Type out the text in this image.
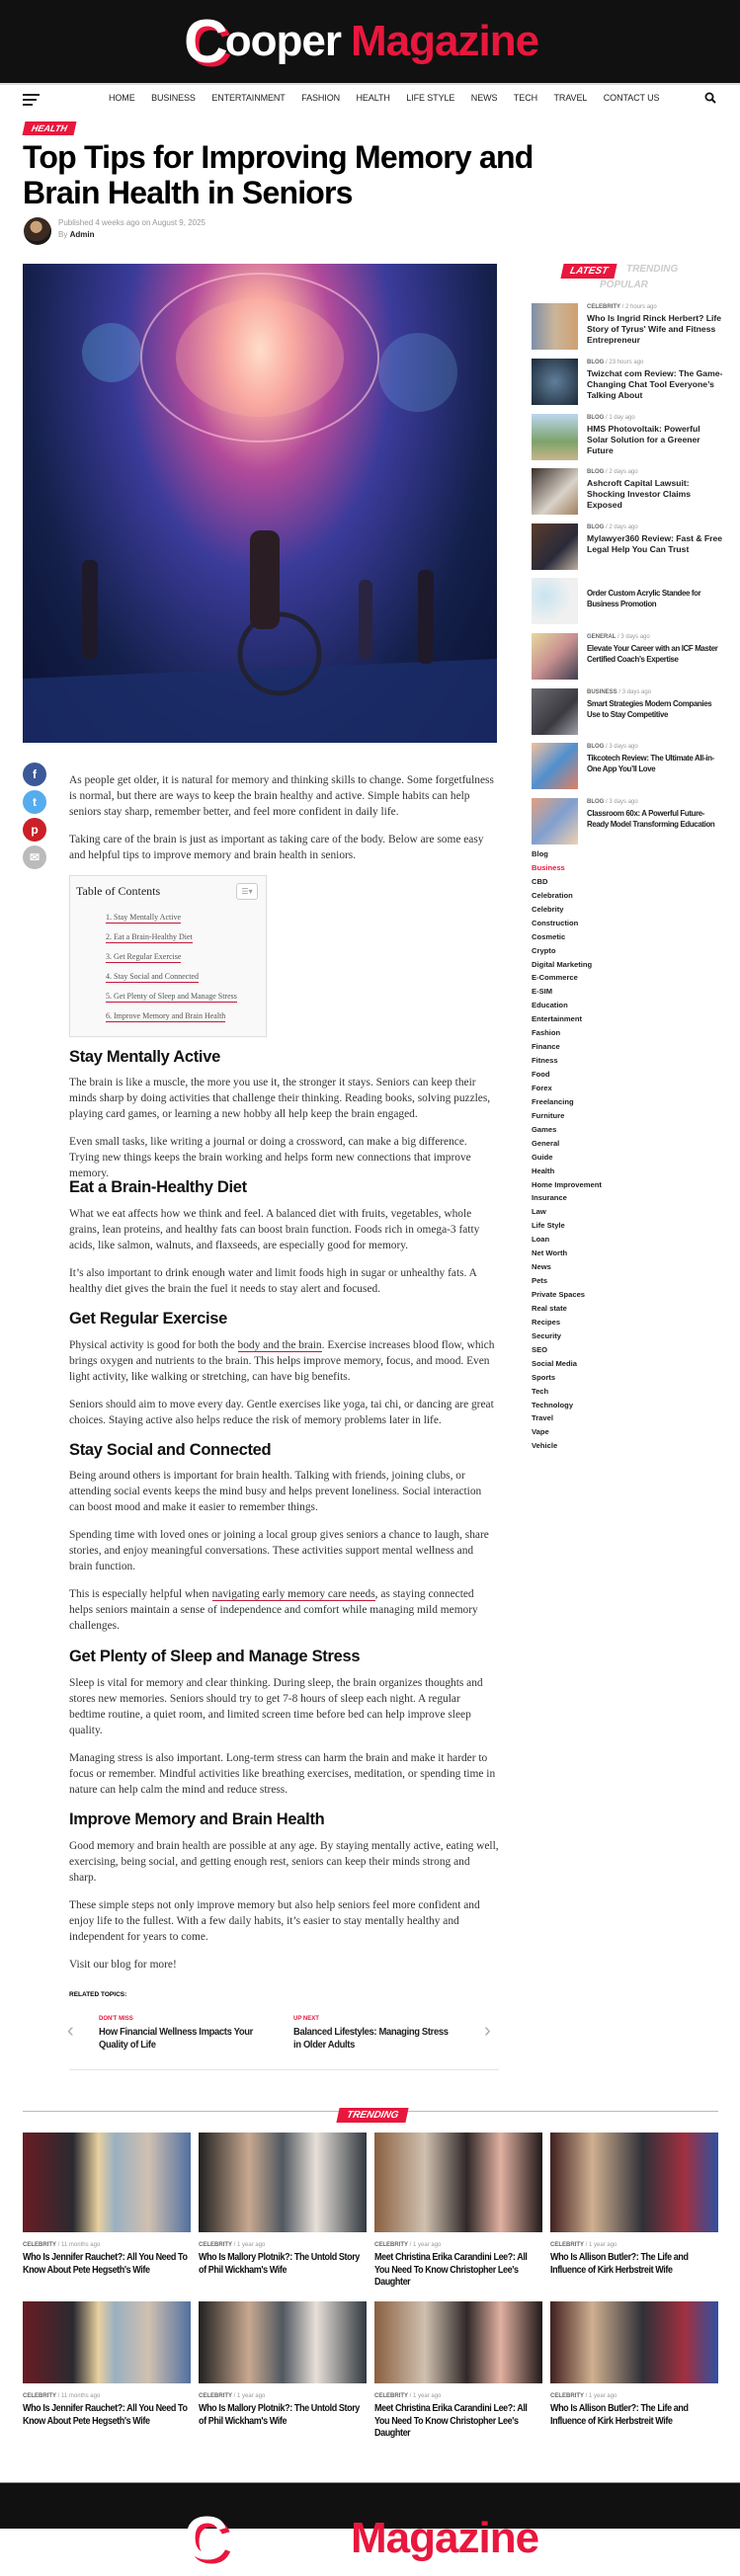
C
ooper Magazine
HOME BUSINESS ENTERTAINMENT FASHION HEALTH LIFE STYLE NEWS TECH TRAVEL CONTACT US
HEALTH
Top Tips for Improving Memory and Brain Health in Seniors
Published 4 weeks ago on August 9, 2025
By Admin
f
t
p
✉

As people get older, it is natural for memory and thinking skills to change. Some forgetfulness is normal, but there are ways to keep the brain healthy and active. Simple habits can help seniors stay sharp, remember better, and feel more confident in daily life.

Taking care of the brain is just as important as taking care of the body. Below are some easy and helpful tips to improve memory and brain health in seniors.

Table of Contents	☰▾
1. Stay Mentally Active
2. Eat a Brain-Healthy Diet
3. Get Regular Exercise
4. Stay Social and Connected
5. Get Plenty of Sleep and Manage Stress
6. Improve Memory and Brain Health
Stay Mentally Active

The brain is like a muscle, the more you use it, the stronger it stays. Seniors can keep their minds sharp by doing activities that challenge their thinking. Reading books, solving puzzles, playing card games, or learning a new hobby all help keep the brain engaged.

Even small tasks, like writing a journal or doing a crossword, can make a big difference. Trying new things keeps the brain working and helps form new connections that improve memory.

Eat a Brain-Healthy Diet

What we eat affects how we think and feel. A balanced diet with fruits, vegetables, whole grains, lean proteins, and healthy fats can boost brain function. Foods rich in omega-3 fatty acids, like salmon, walnuts, and flaxseeds, are especially good for memory.

It’s also important to drink enough water and limit foods high in sugar or unhealthy fats. A healthy diet gives the brain the fuel it needs to stay alert and focused.

Get Regular Exercise

Physical activity is good for both the body and the brain. Exercise increases blood flow, which brings oxygen and nutrients to the brain. This helps improve memory, focus, and mood. Even light activity, like walking or stretching, can have big benefits.

Seniors should aim to move every day. Gentle exercises like yoga, tai chi, or dancing are great choices. Staying active also helps reduce the risk of memory problems later in life.

Stay Social and Connected

Being around others is important for brain health. Talking with friends, joining clubs, or attending social events keeps the mind busy and helps prevent loneliness. Social interaction can boost mood and make it easier to remember things.

Spending time with loved ones or joining a local group gives seniors a chance to laugh, share stories, and enjoy meaningful conversations. These activities support mental wellness and brain function.

This is especially helpful when navigating early memory care needs, as staying connected helps seniors maintain a sense of independence and comfort while managing mild memory challenges.

Get Plenty of Sleep and Manage Stress

Sleep is vital for memory and clear thinking. During sleep, the brain organizes thoughts and stores new memories. Seniors should try to get 7-8 hours of sleep each night. A regular bedtime routine, a quiet room, and limited screen time before bed can help improve sleep quality.

Managing stress is also important. Long-term stress can harm the brain and make it harder to focus or remember. Mindful activities like breathing exercises, meditation, or spending time in nature can help calm the mind and reduce stress.

Improve Memory and Brain Health

Good memory and brain health are possible at any age. By staying mentally active, eating well, exercising, being social, and getting enough rest, seniors can keep their minds strong and sharp.

These simple steps not only improve memory but also help seniors feel more confident and enjoy life to the fullest. With a few daily habits, it’s easier to stay mentally healthy and independent for years to come.

Visit our blog for more!

RELATED TOPICS:
‹
DON'T MISS
How Financial Wellness Impacts Your Quality of Life
UP NEXT
Balanced Lifestyles: Managing Stress in Older Adults
›
LATEST	TRENDING
POPULAR
CELEBRITY / 2 hours ago
Who Is Ingrid Rinck Herbert? Life Story of Tyrus' Wife and Fitness Entrepreneur
BLOG / 23 hours ago
Twizchat com Review: The Game-Changing Chat Tool Everyone’s Talking About
BLOG / 1 day ago
HMS Photovoltaik: Powerful Solar Solution for a Greener Future
BLOG / 2 days ago
Ashcroft Capital Lawsuit: Shocking Investor Claims Exposed
BLOG / 2 days ago
Mylawyer360 Review: Fast & Free Legal Help You Can Trust
Order Custom Acrylic Standee for Business Promotion
GENERAL / 3 days ago
Elevate Your Career with an ICF Master Certified Coach’s Expertise
BUSINESS / 3 days ago
Smart Strategies Modern Companies Use to Stay Competitive
BLOG / 3 days ago
Tikcotech Review: The Ultimate All-in-One App You’ll Love
BLOG / 3 days ago
Classroom 60x: A Powerful Future-Ready Model Transforming Education
Blog
Business
CBD
Celebration
Celebrity
Construction
Cosmetic
Crypto
Digital Marketing
E-Commerce
E-SIM
Education
Entertainment
Fashion
Finance
Fitness
Food
Forex
Freelancing
Furniture
Games
General
Guide
Health
Home Improvement
Insurance
Law
Life Style
Loan
Net Worth
News
Pets
Private Spaces
Real state
Recipes
Security
SEO
Social Media
Sports
Tech
Technology
Travel
Vape
Vehicle
TRENDING
CELEBRITY / 11 months ago
Who Is Jennifer Rauchet?: All You Need To Know About Pete Hegseth's Wife
CELEBRITY / 1 year ago
Who Is Mallory Plotnik?: The Untold Story of Phil Wickham's Wife
CELEBRITY / 1 year ago
Meet Christina Erika Carandini Lee?: All You Need To Know Christopher Lee's Daughter
CELEBRITY / 1 year ago
Who Is Allison Butler?: The Life and Influence of Kirk Herbstreit Wife
CELEBRITY / 11 months ago
Who Is Jennifer Rauchet?: All You Need To Know About Pete Hegseth's Wife
CELEBRITY / 1 year ago
Who Is Mallory Plotnik?: The Untold Story of Phil Wickham's Wife
CELEBRITY / 1 year ago
Meet Christina Erika Carandini Lee?: All You Need To Know Christopher Lee's Daughter
CELEBRITY / 1 year ago
Who Is Allison Butler?: The Life and Influence of Kirk Herbstreit Wife
C
ooper Magazine
